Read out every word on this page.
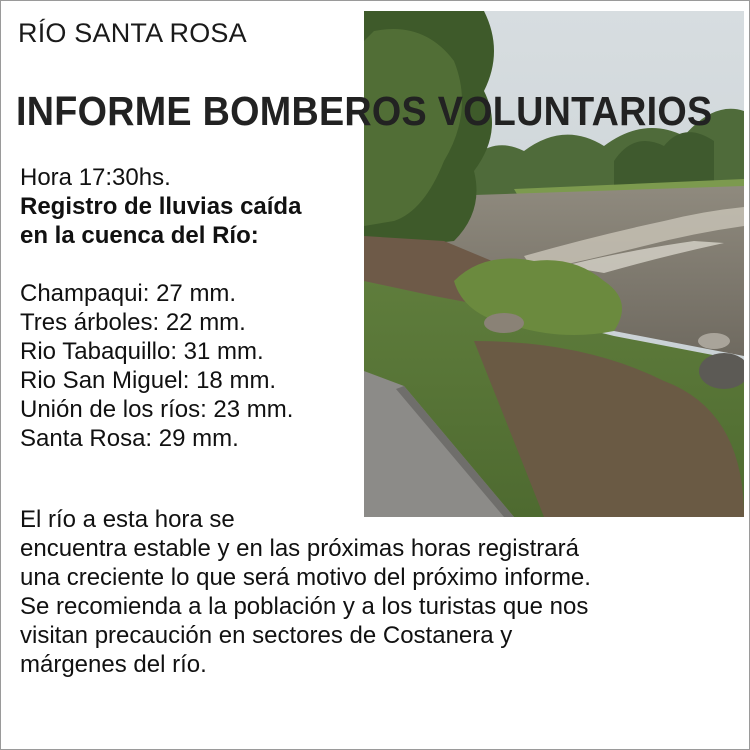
RÍO SANTA ROSA
INFORME BOMBEROS VOLUNTARIOS
Hora 17:30hs.
Registro de lluvias caída
en la cuenca del Río:
Champaqui: 27 mm.
Tres árboles: 22 mm.
Rio Tabaquillo: 31 mm.
Rio San Miguel: 18 mm.
Unión de los ríos: 23 mm.
Santa Rosa: 29 mm.
El río a esta hora se
encuentra estable y en las próximas horas registrará
una creciente lo que será motivo del próximo informe.
Se recomienda a la población y a los turistas que nos
visitan precaución en sectores de Costanera y
márgenes del río.
